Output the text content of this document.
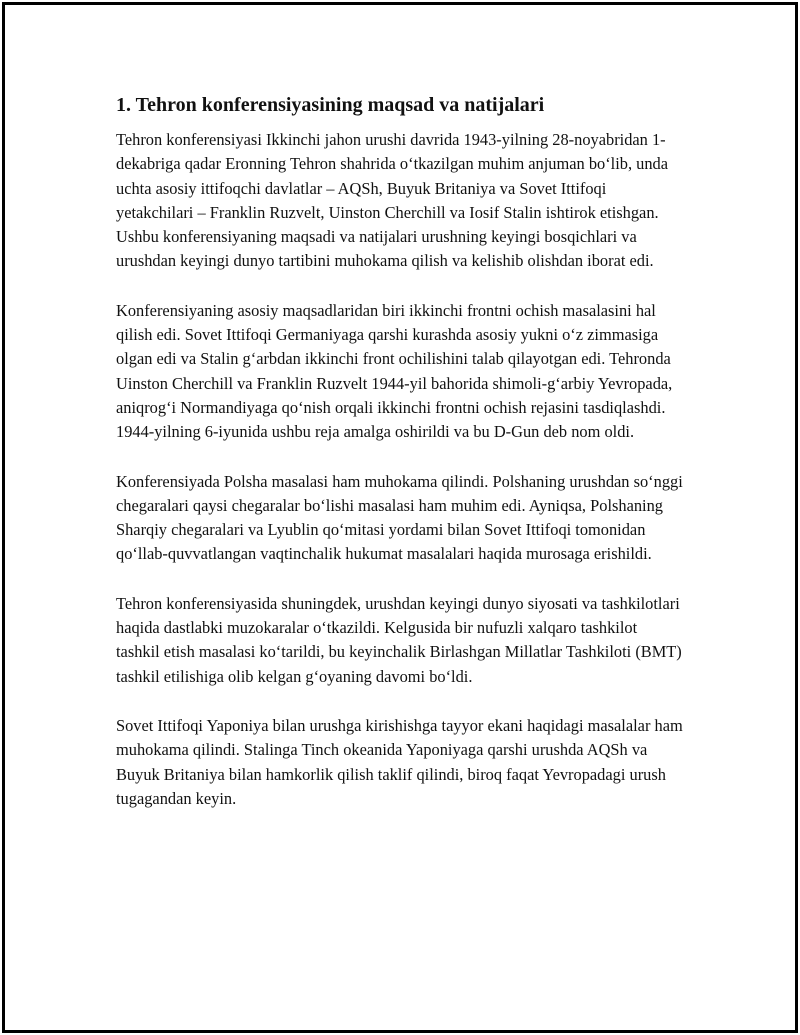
1. Tehron konferensiyasining maqsad va natijalari

Tehron konferensiyasi Ikkinchi jahon urushi davrida 1943-yilning 28-noyabridan 1-dekabriga qadar Eronning Tehron shahrida o‘tkazilgan muhim anjuman bo‘lib, unda uchta asosiy ittifoqchi davlatlar – AQSh, Buyuk Britaniya va Sovet Ittifoqi yetakchilari – Franklin Ruzvelt, Uinston Cherchill va Iosif Stalin ishtirok etishgan. Ushbu konferensiyaning maqsadi va natijalari urushning keyingi bosqichlari va urushdan keyingi dunyo tartibini muhokama qilish va kelishib olishdan iborat edi.

Konferensiyaning asosiy maqsadlaridan biri ikkinchi frontni ochish masalasini hal qilish edi. Sovet Ittifoqi Germaniyaga qarshi kurashda asosiy yukni o‘z zimmasiga olgan edi va Stalin g‘arbdan ikkinchi front ochilishini talab qilayotgan edi. Tehronda Uinston Cherchill va Franklin Ruzvelt 1944-yil bahorida shimoli-g‘arbiy Yevropada, aniqrog‘i Normandiyaga qo‘nish orqali ikkinchi frontni ochish rejasini tasdiqlashdi. 1944-yilning 6-iyunida ushbu reja amalga oshirildi va bu D-Gun deb nom oldi.

Konferensiyada Polsha masalasi ham muhokama qilindi. Polshaning urushdan so‘nggi chegaralari qaysi chegaralar bo‘lishi masalasi ham muhim edi. Ayniqsa, Polshaning Sharqiy chegaralari va Lyublin qo‘mitasi yordami bilan Sovet Ittifoqi tomonidan qo‘llab-quvvatlangan vaqtinchalik hukumat masalalari haqida murosaga erishildi.

Tehron konferensiyasida shuningdek, urushdan keyingi dunyo siyosati va tashkilotlari haqida dastlabki muzokaralar o‘tkazildi. Kelgusida bir nufuzli xalqaro tashkilot tashkil etish masalasi ko‘tarildi, bu keyinchalik Birlashgan Millatlar Tashkiloti (BMT) tashkil etilishiga olib kelgan g‘oyaning davomi bo‘ldi.

Sovet Ittifoqi Yaponiya bilan urushga kirishishga tayyor ekani haqidagi masalalar ham muhokama qilindi. Stalinga Tinch okeanida Yaponiyaga qarshi urushda AQSh va Buyuk Britaniya bilan hamkorlik qilish taklif qilindi, biroq faqat Yevropadagi urush tugagandan keyin.
